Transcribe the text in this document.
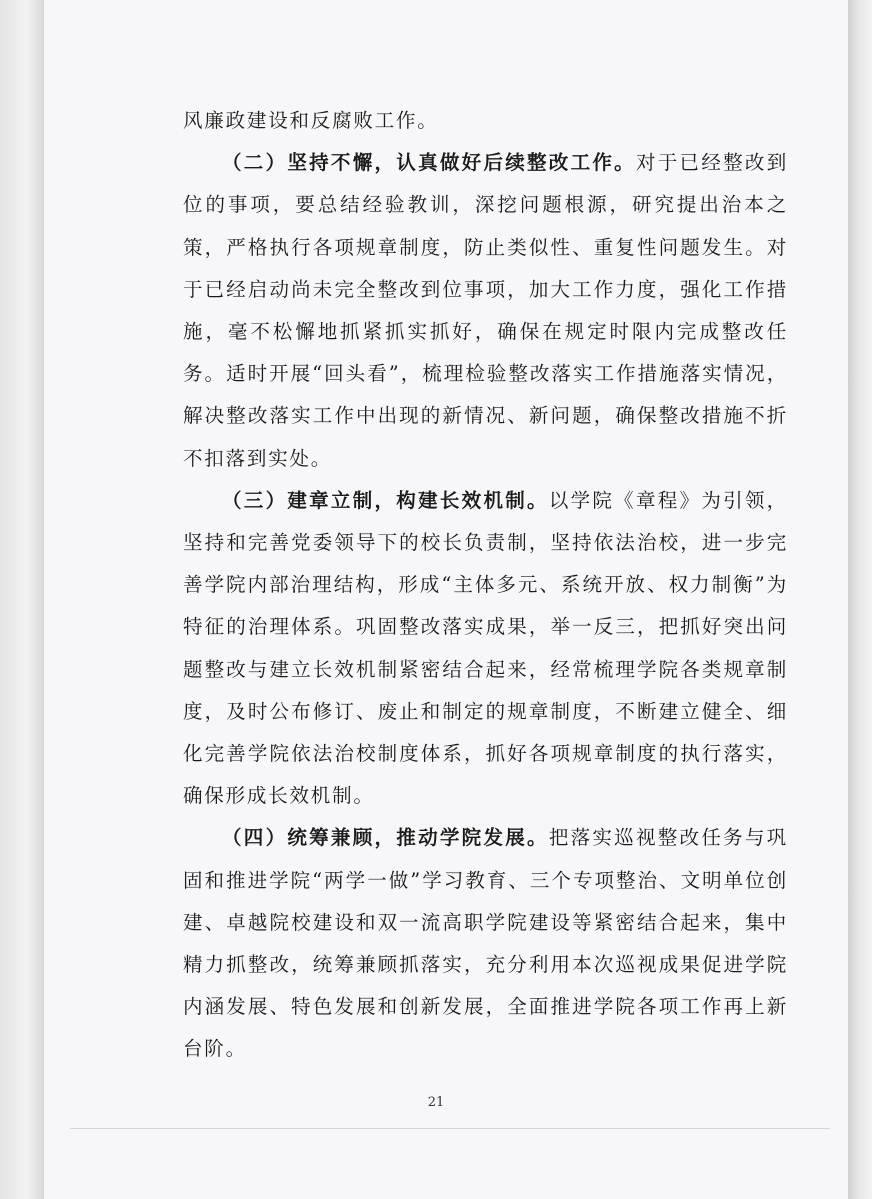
风廉政建设和反腐败工作。

（二）坚持不懈，认真做好后续整改工作。对于已经整改到位的事项，要总结经验教训，深挖问题根源，研究提出治本之策，严格执行各项规章制度，防止类似性、重复性问题发生。对于已经启动尚未完全整改到位事项，加大工作力度，强化工作措施，毫不松懈地抓紧抓实抓好，确保在规定时限内完成整改任务。适时开展“回头看”，梳理检验整改落实工作措施落实情况，解决整改落实工作中出现的新情况、新问题，确保整改措施不折不扣落到实处。

（三）建章立制，构建长效机制。以学院《章程》为引领，坚持和完善党委领导下的校长负责制，坚持依法治校，进一步完善学院内部治理结构，形成“主体多元、系统开放、权力制衡”为特征的治理体系。巩固整改落实成果，举一反三，把抓好突出问题整改与建立长效机制紧密结合起来，经常梳理学院各类规章制度，及时公布修订、废止和制定的规章制度，不断建立健全、细化完善学院依法治校制度体系，抓好各项规章制度的执行落实，确保形成长效机制。

（四）统筹兼顾，推动学院发展。把落实巡视整改任务与巩固和推进学院“两学一做”学习教育、三个专项整治、文明单位创建、卓越院校建设和双一流高职学院建设等紧密结合起来，集中精力抓整改，统筹兼顾抓落实，充分利用本次巡视成果促进学院内涵发展、特色发展和创新发展，全面推进学院各项工作再上新台阶。

21
